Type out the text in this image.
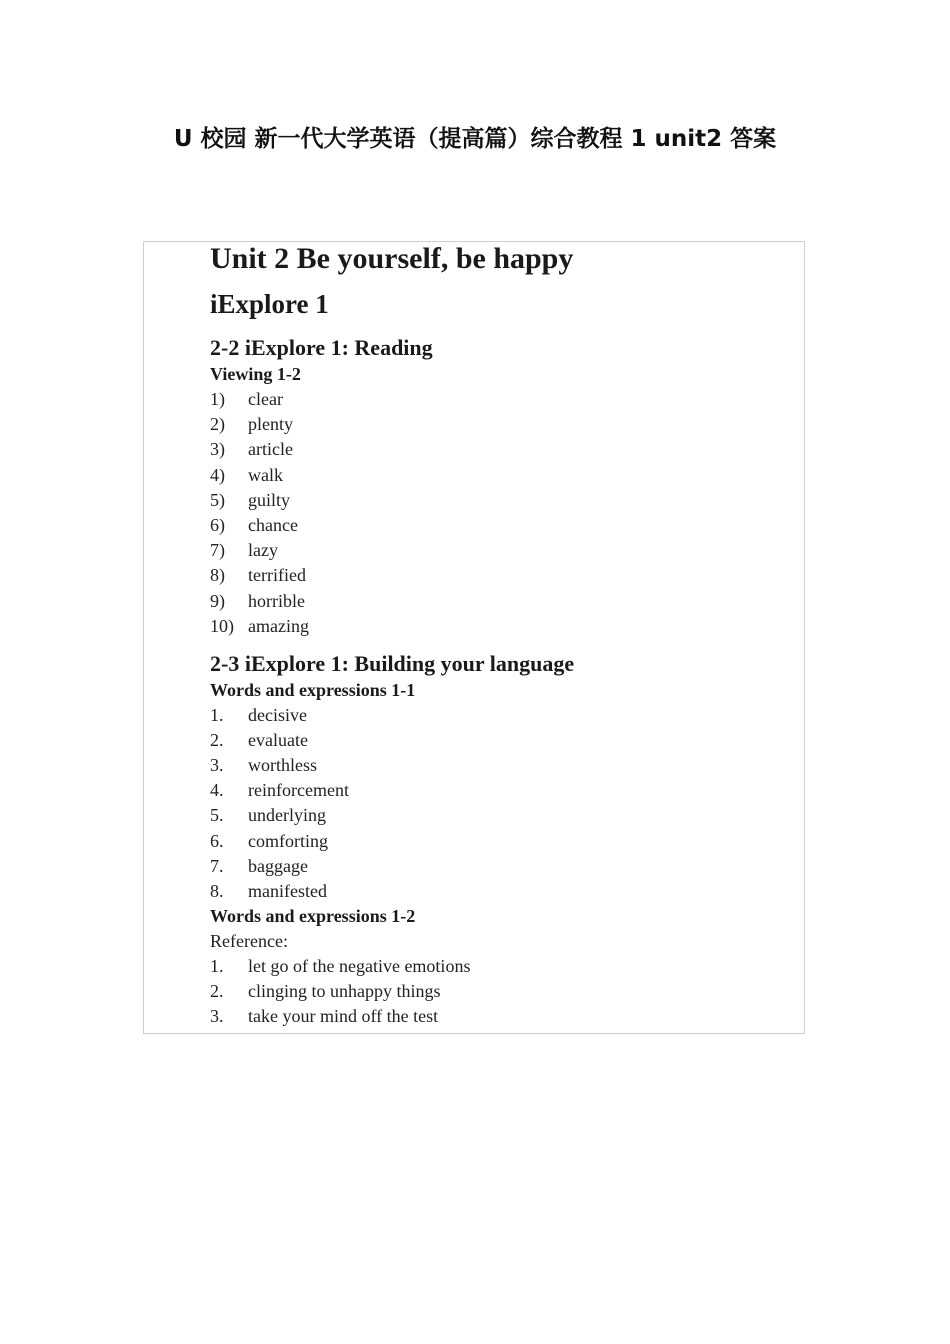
U 校园 新一代大学英语（提高篇）综合教程 1 unit2 答案
Unit 2 Be yourself, be happy
iExplore 1
2-2 iExplore 1: Reading
Viewing 1-2
1) clear
2) plenty
3) article
4) walk
5) guilty
6) chance
7) lazy
8) terrified
9) horrible
10) amazing
2-3 iExplore 1: Building your language
Words and expressions 1-1
1. decisive
2. evaluate
3. worthless
4. reinforcement
5. underlying
6. comforting
7. baggage
8. manifested
Words and expressions 1-2
Reference:
1. let go of the negative emotions
2. clinging to unhappy things
3. take your mind off the test
